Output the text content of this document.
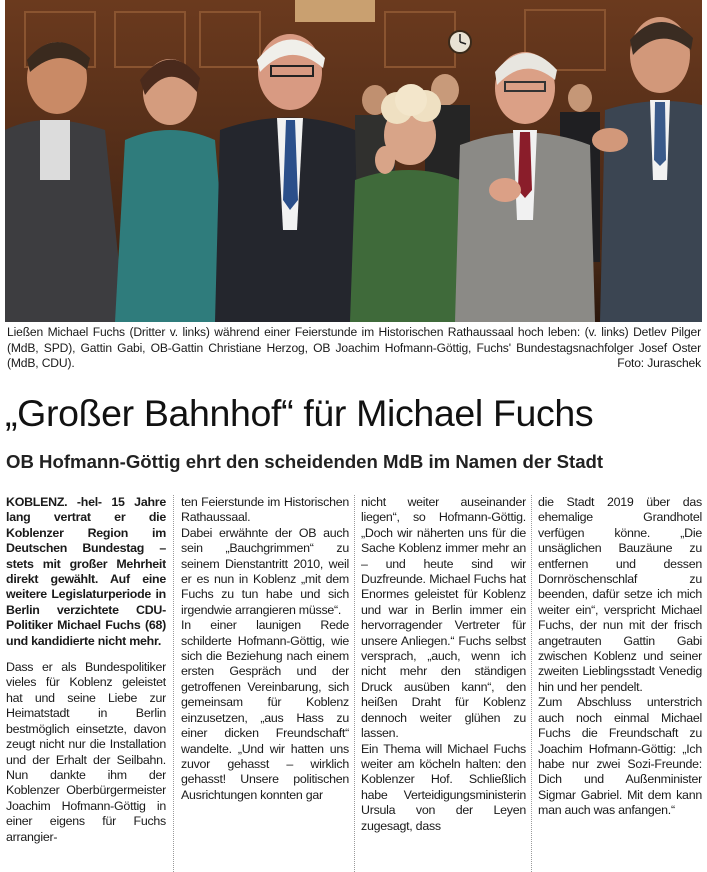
Ließen Michael Fuchs (Dritter v. links) während einer Feierstunde im Historischen Rathaussaal hoch leben: (v. links) Detlev Pilger (MdB, SPD), Gattin Gabi, OB-Gattin Christiane Herzog, OB Joachim Hofmann-Göttig, Fuchs' Bundestagsnachfolger Josef Oster (MdB, CDU).	Foto: Juraschek
„Großer Bahnhof“ für Michael Fuchs
OB Hofmann-Göttig ehrt den scheidenden MdB im Namen der Stadt

KOBLENZ. -hel- 15 Jahre lang vertrat er die Koblenzer Region im Deutschen Bundestag – stets mit großer Mehrheit direkt gewählt. Auf eine weitere Legislaturperiode in Berlin verzichtete CDU-Politiker Michael Fuchs (68) und kandidierte nicht mehr.

Dass er als Bundespolitiker vieles für Koblenz geleistet hat und seine Liebe zur Heimatstadt in Berlin bestmöglich einsetzte, davon zeugt nicht nur die Installation und der Erhalt der Seilbahn. Nun dankte ihm der Koblenzer Oberbürgermeister Joachim Hofmann-Göttig in einer eigens für Fuchs arrangier-

ten Feierstunde im Historischen Rathaussaal.

Dabei erwähnte der OB auch sein „Bauchgrimmen“ zu seinem Dienstantritt 2010, weil er es nun in Koblenz „mit dem Fuchs zu tun habe und sich irgendwie arrangieren müsse“.

In einer launigen Rede schilderte Hofmann-Göttig, wie sich die Beziehung nach einem ersten Gespräch und der getroffenen Vereinbarung, sich gemeinsam für Koblenz einzusetzen, „aus Hass zu einer dicken Freundschaft“ wandelte. „Und wir hatten uns zuvor gehasst – wirklich gehasst! Unsere politischen Ausrichtungen konnten gar

nicht weiter auseinander liegen“, so Hofmann-Göttig. „Doch wir näherten uns für die Sache Koblenz immer mehr an – und heute sind wir Duzfreunde. Michael Fuchs hat Enormes geleistet für Koblenz und war in Berlin immer ein hervorragender Vertreter für unsere Anliegen.“ Fuchs selbst versprach, „auch, wenn ich nicht mehr den ständigen Druck ausüben kann“, den heißen Draht für Koblenz dennoch weiter glühen zu lassen.

Ein Thema will Michael Fuchs weiter am köcheln halten: den Koblenzer Hof. Schließlich habe Verteidigungsministerin Ursula von der Leyen zugesagt, dass

die Stadt 2019 über das ehemalige Grandhotel verfügen könne. „Die unsäglichen Bauzäune zu entfernen und dessen Dornröschenschlaf zu beenden, dafür setze ich mich weiter ein“, verspricht Michael Fuchs, der nun mit der frisch angetrauten Gattin Gabi zwischen Koblenz und seiner zweiten Lieblingsstadt Venedig hin und her pendelt.

Zum Abschluss unterstrich auch noch einmal Michael Fuchs die Freundschaft zu Joachim Hofmann-Göttig: „Ich habe nur zwei Sozi-Freunde: Dich und Außenminister Sigmar Gabriel. Mit dem kann man auch was anfangen.“
